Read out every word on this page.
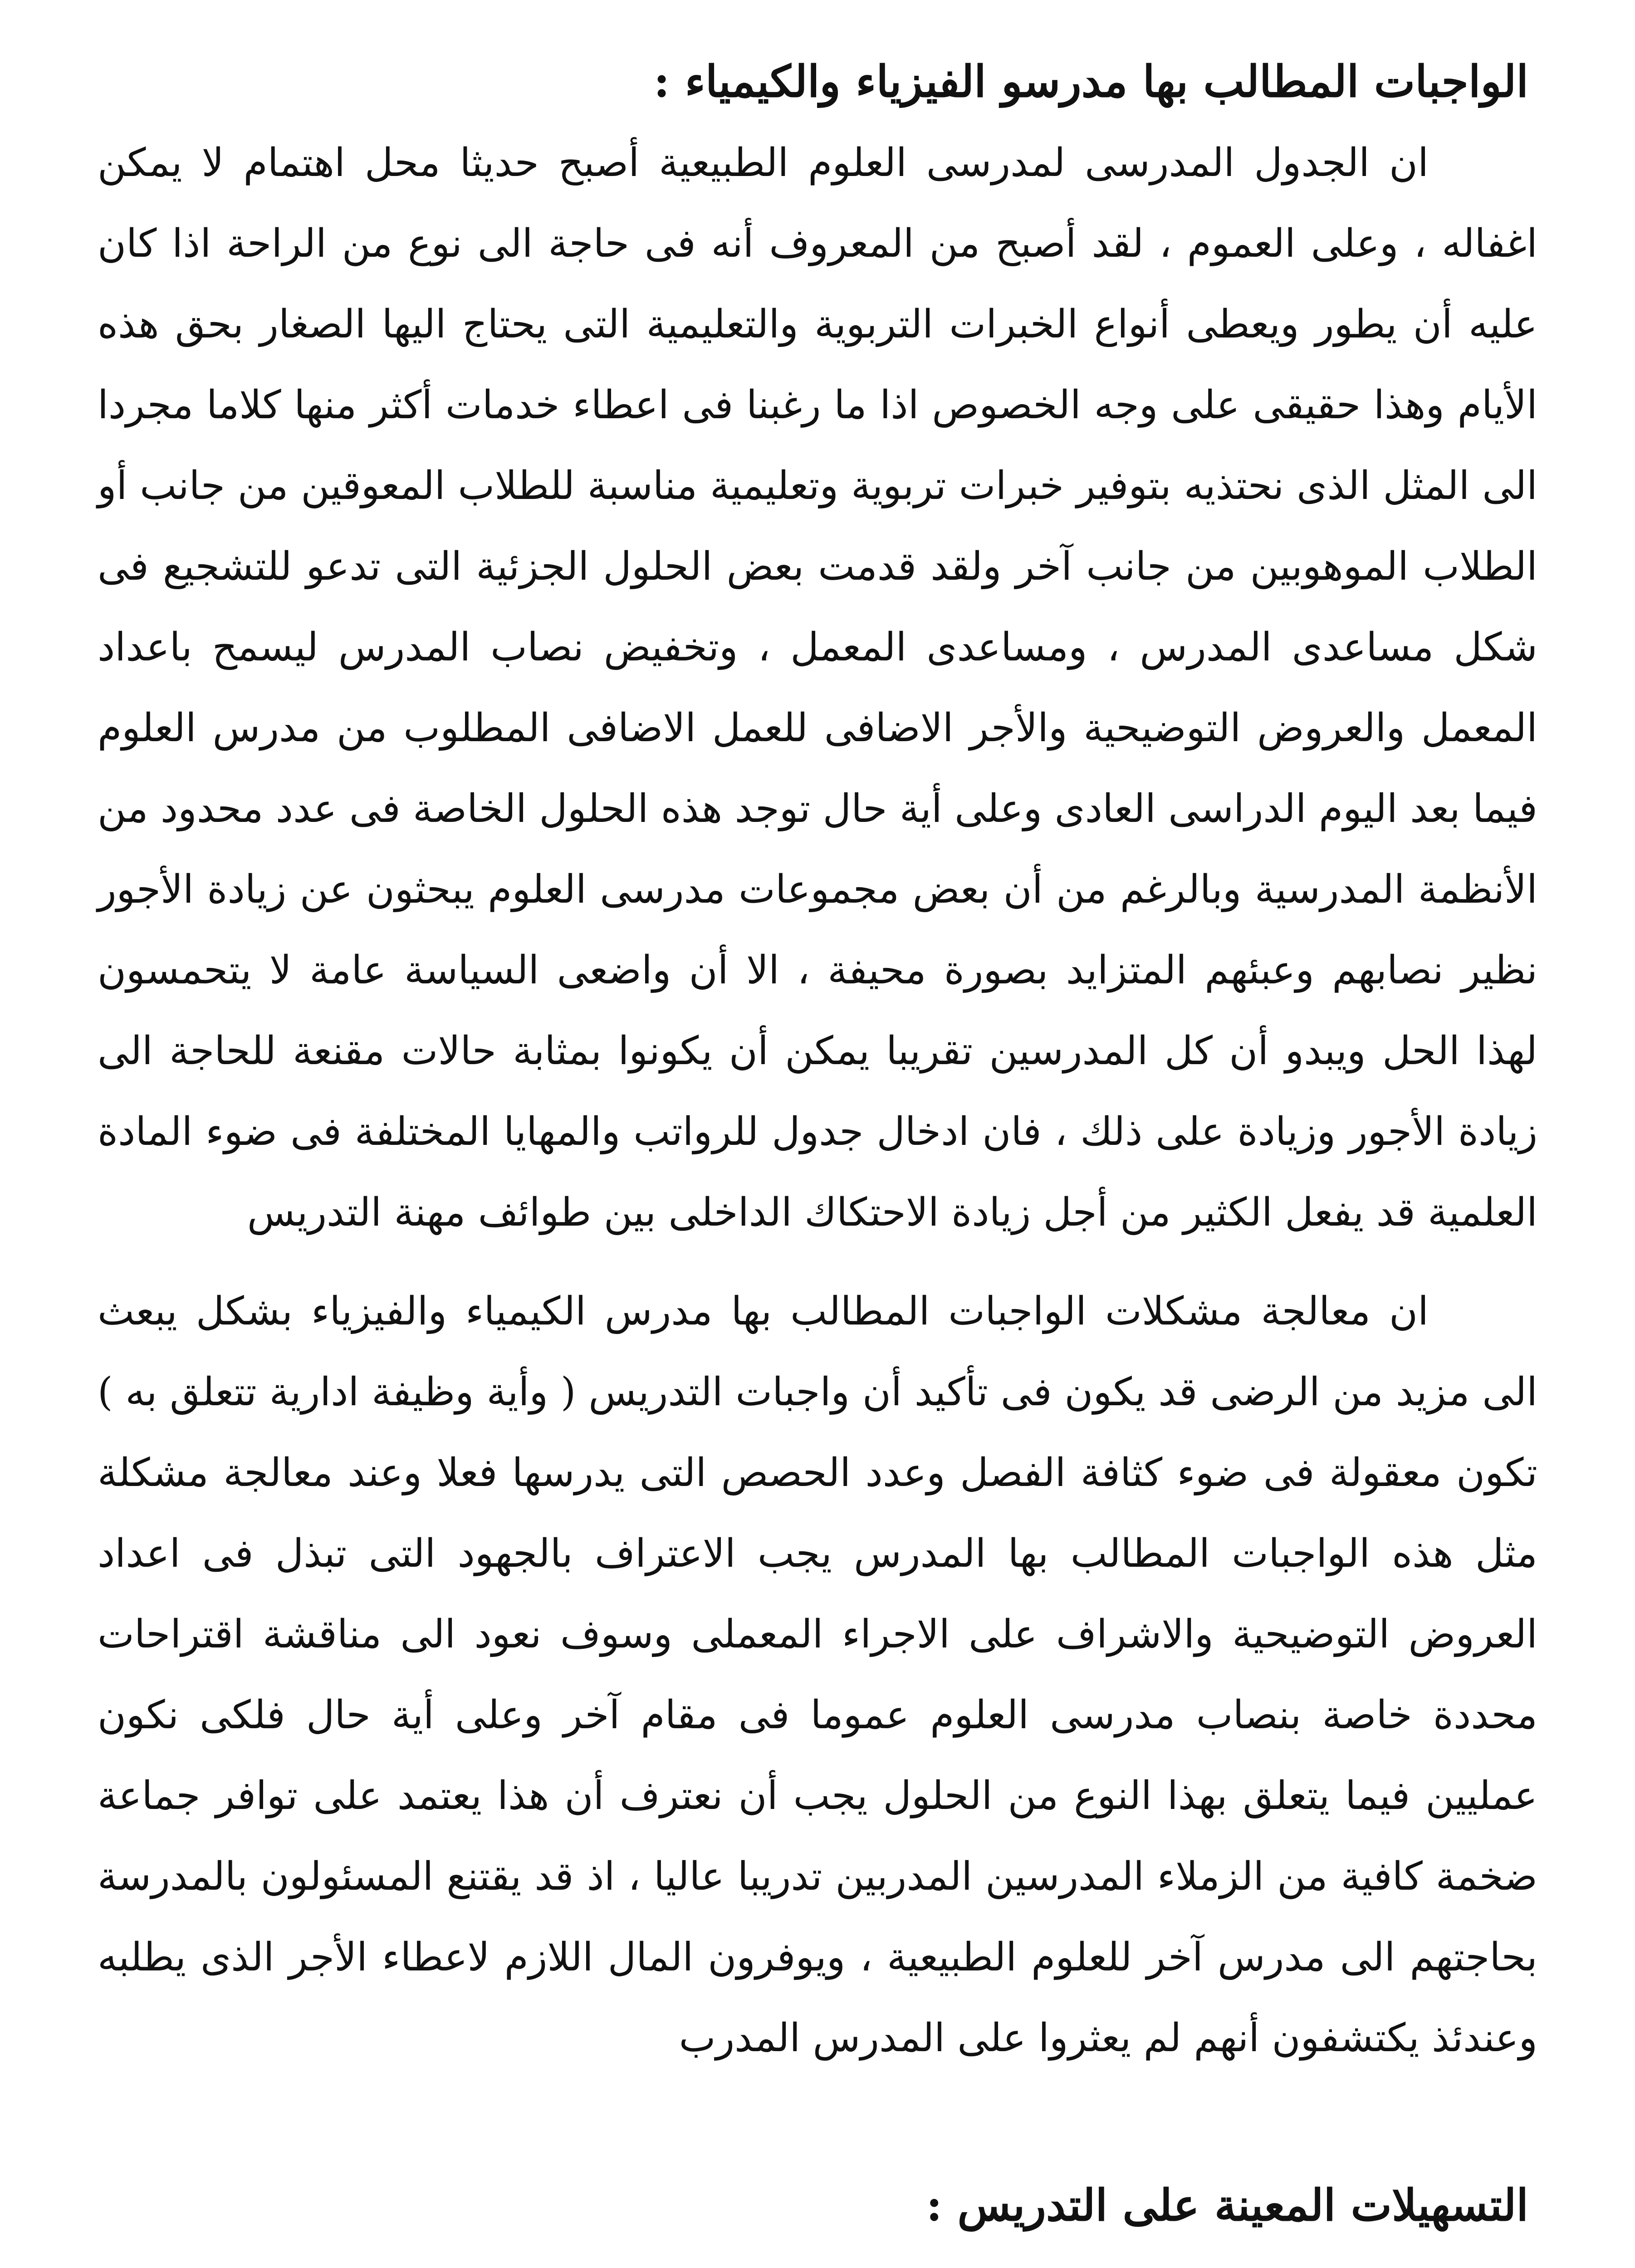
الواجبات المطالب بها مدرسو الفيزياء والكيمياء :

ان الجدول المدرسى لمدرسى العلوم الطبيعية أصبح حديثا محل اهتمام لا يمكن اغفاله ، وعلى العموم ، لقد أصبح من المعروف أنه فى حاجة الى نوع من الراحة اذا كان عليه أن يطور ويعطى أنواع الخبرات التربوية والتعليمية التى يحتاج اليها الصغار بحق هذه الأيام وهذا حقيقى على وجه الخصوص اذا ما رغبنا فى اعطاء خدمات أكثر منها كلاما مجردا الى المثل الذى نحتذيه بتوفير خبرات تربوية وتعليمية مناسبة للطلاب المعوقين من جانب أو الطلاب الموهوبين من جانب آخر ولقد قدمت بعض الحلول الجزئية التى تدعو للتشجيع فى شكل مساعدى المدرس ، ومساعدى المعمل ، وتخفيض نصاب المدرس ليسمح باعداد المعمل والعروض التوضيحية والأجر الاضافى للعمل الاضافى المطلوب من مدرس العلوم فيما بعد اليوم الدراسى العادى وعلى أية حال توجد هذه الحلول الخاصة فى عدد محدود من الأنظمة المدرسية وبالرغم من أن بعض مجموعات مدرسى العلوم يبحثون عن زيادة الأجور نظير نصابهم وعبئهم المتزايد بصورة محيفة ، الا أن واضعى السياسة عامة لا يتحمسون لهذا الحل ويبدو أن كل المدرسين تقريبا يمكن أن يكونوا بمثابة حالات مقنعة للحاجة الى زيادة الأجور وزيادة على ذلك ، فان ادخال جدول للرواتب والمهايا المختلفة فى ضوء المادة العلمية قد يفعل الكثير من أجل زيادة الاحتكاك الداخلى بين طوائف مهنة التدريس

ان معالجة مشكلات الواجبات المطالب بها مدرس الكيمياء والفيزياء بشكل يبعث الى مزيد من الرضى قد يكون فى تأكيد أن واجبات التدريس ( وأية وظيفة ادارية تتعلق به ) تكون معقولة فى ضوء كثافة الفصل وعدد الحصص التى يدرسها فعلا وعند معالجة مشكلة مثل هذه الواجبات المطالب بها المدرس يجب الاعتراف بالجهود التى تبذل فى اعداد العروض التوضيحية والاشراف على الاجراء المعملى وسوف نعود الى مناقشة اقتراحات محددة خاصة بنصاب مدرسى العلوم عموما فى مقام آخر وعلى أية حال فلكى نكون عمليين فيما يتعلق بهذا النوع من الحلول يجب أن نعترف أن هذا يعتمد على توافر جماعة ضخمة كافية من الزملاء المدرسين المدربين تدريبا عاليا ، اذ قد يقتنع المسئولون بالمدرسة بحاجتهم الى مدرس آخر للعلوم الطبيعية ، ويوفرون المال اللازم لاعطاء الأجر الذى يطلبه وعندئذ يكتشفون أنهم لم يعثروا على المدرس المدرب

التسهيلات المعينة على التدريس :
